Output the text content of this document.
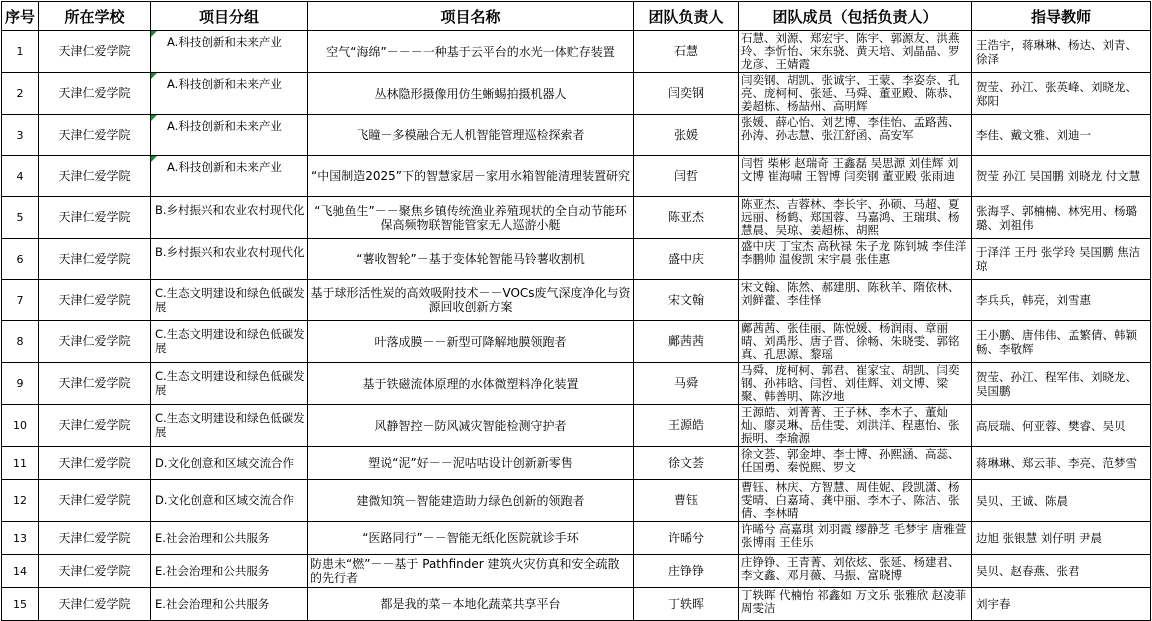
序号	所在学校	项目分组	项目名称	团队负责人	团队成员（包括负责人）	指导教师
1	天津仁爱学院	A.科技创新和未来产业	空气“海绵”－－－一种基于云平台的水光一体贮存装置	石慧	石慧、刘源、郑宏宇、陈宇、郭源友、洪燕玲、李忻怡、宋东骁、黄天培、刘晶晶、罗龙彦、王婧霞	王浩宇，蒋琳琳、杨达、刘青、徐泽
2	天津仁爱学院	A.科技创新和未来产业	丛林隐形摄像用仿生蜥蜴拍摄机器人	闫奕钢	闫奕钢、胡凯、张诚宇、王蒙、李姿奈、孔亮、庞柯柯、张延、马舜、董亚殿、陈恭、姜超栋、杨喆州、高明辉	贺莹、孙江、张英峰、刘晓龙、郑阳
3	天津仁爱学院	A.科技创新和未来产业	飞瞳－多模融合无人机智能管理巡检探索者	张媛	张媛、薛心怡、刘艺博、李佳怡、孟路茜、孙涛、孙志慧、张江舒函、高安军	李佳、戴文雅、刘迪一
4	天津仁爱学院	A.科技创新和未来产业	“中国制造2025”下的智慧家居－家用水箱智能清理装置研究	闫哲	闫哲 柴彬 赵瑞奇 王鑫磊 吴思源 刘佳辉 刘文博 崔海啸 王智博 闫奕钢 董亚殿 张雨迪	贺莹 孙江 吴国鹏 刘晓龙 付文慧
5	天津仁爱学院	B.乡村振兴和农业农村现代化	“飞驰鱼生”－－聚焦乡镇传统渔业养殖现状的全自动节能环保高频物联智能管家无人巡游小艇	陈亚杰	陈亚杰、吉蓉林、李长宇、孙硕、马超、夏远丽、杨鹤、郑国蓉、马嘉鸿、王瑞琪、杨慧晨、吴琼、姜超栋、胡熙	张海孚、郭楠楠、林宪用、杨璐璐、刘祖伟
6	天津仁爱学院	B.乡村振兴和农业农村现代化	“薯收智轮”－基于变体轮智能马铃薯收割机	盛中庆	盛中庆 丁宝杰 高秋禄 朱子龙 陈钊城 李佳洋 李鹏帅 温俊凯 宋宇晨 张佳惠	于泽洋 王丹 张学玲 吴国鹏 焦洁琼
7	天津仁爱学院	C.生态文明建设和绿色低碳发展	基于球形活性炭的高效吸附技术－－VOCs废气深度净化与资源回收创新方案	宋文翰	宋文翰、陈然、郝建朋、陈秋羊、隋依林、刘鲜藿、李佳怿	李兵兵，韩亮，刘雪惠
8	天津仁爱学院	C.生态文明建设和绿色低碳发展	叶落成膜－－新型可降解地膜领跑者	鄺茜茜	鄺茜茜、张佳丽、陈悦媛、杨润雨、章丽晴、刘禹彤、唐子晋、徐畅、朱晓雯、郭铭真、孔思源、黎瑶	王小鹏、唐伟伟、孟繁倩、韩颖畅、李敬辉
9	天津仁爱学院	C.生态文明建设和绿色低碳发展	基于铁磁流体原理的水体微塑料净化装置	马舜	马舜、庞柯柯、郭君、崔家宝、胡凯、闫奕钢、孙祎晗、闫哲、刘佳辉、刘文博、梁聚、韩善明、陈汐地	贺莹、孙江、程军伟、刘晓龙、吴国鹏
10	天津仁爱学院	C.生态文明建设和绿色低碳发展	风静智控－防风减灾智能检测守护者	王源皓	王源皓、刘菁菁、王子林、李木子、董灿灿、廖灵琳、岳佳雯、刘洪洋、程惠怡、张振明、李瑜源	高辰瑞、何亚蓉、樊睿、吴贝
11	天津仁爱学院	D.文化创意和区域交流合作	塑说“泥”好－－泥咕咕设计创新新零售	徐文荟	徐文荟、郭金坤、李士博、孙熙涵、高蕊、任国勇、秦悦熙、罗文	蒋琳琳、郑云菲、李亮、范梦雪
12	天津仁爱学院	D.文化创意和区域交流合作	建微知筑－智能建造助力绿色创新的领跑者	曹钰	曹钰、林庆、方智慧、周佳妮、段凯潇、杨雯晴、白嘉琦、龚中丽、李木子、陈洁、张倩、李林晴	吴贝、王诚、陈晨
13	天津仁爱学院	E.社会治理和公共服务	“医路同行”－－智能无纸化医院就诊手环	许晞兮	许晞兮 高嘉琪 刘羽霞 缪静芝 毛梦宇 唐雅萱 张博雨 王佳乐	边旭 张银慧 刘仔明 尹晨
14	天津仁爱学院	E.社会治理和公共服务	防患未“燃”－－基于 Pathfinder 建筑火灾仿真和安全疏散的先行者	庄铮铮	庄铮铮、王青菁、刘依炫、张延、杨建君、李文鑫、邓月薇、马振、富晓博	吴贝、赵春燕、张君
15	天津仁爱学院	E.社会治理和公共服务	都是我的菜－本地化蔬菜共享平台	丁轶晖	丁轶晖 代楠怡 祁鑫如 万文乐 张雅欣 赵凌菲 周雯洁	刘宇春
